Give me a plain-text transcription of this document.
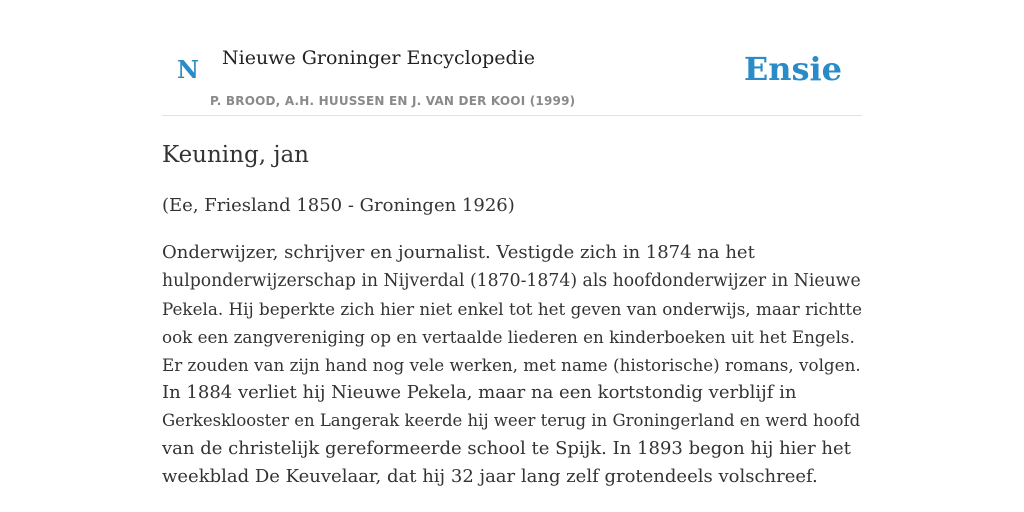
N Nieuwe Groninger Encyclopedie
P. BROOD, A.H. HUUSSEN EN J. VAN DER KOOI (1999)
Ensie
Keuning, jan
(Ee, Friesland 1850 - Groningen 1926)

Onderwijzer, schrijver en journalist. Vestigde zich in 1874 na het
hulponderwijzerschap in Nijverdal (1870-1874) als hoofdonderwijzer in Nieuwe
Pekela. Hij beperkte zich hier niet enkel tot het geven van onderwijs, maar richtte
ook een zangvereniging op en vertaalde liederen en kinderboeken uit het Engels.
Er zouden van zijn hand nog vele werken, met name (historische) romans, volgen.
In 1884 verliet hij Nieuwe Pekela, maar na een kortstondig verblijf in
Gerkesklooster en Langerak keerde hij weer terug in Groningerland en werd hoofd
van de christelijk gereformeerde school te Spijk. In 1893 begon hij hier het
weekblad De Keuvelaar, dat hij 32 jaar lang zelf grotendeels volschreef.
